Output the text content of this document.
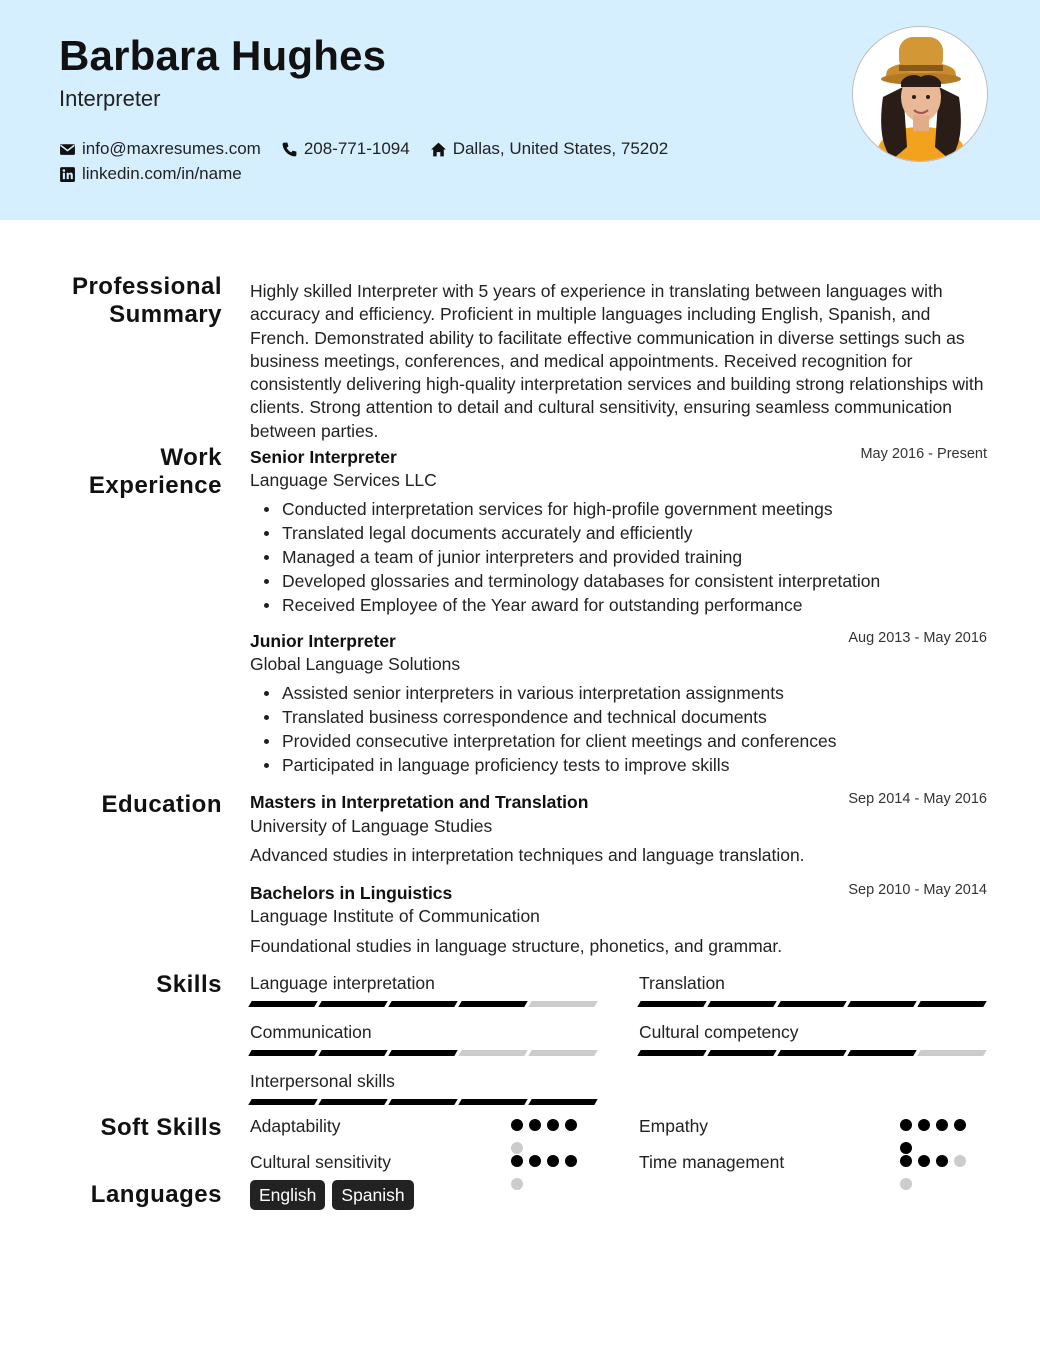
Barbara Hughes
Interpreter
info@maxresumes.com	208-771-1094	Dallas, United States, 75202
linkedin.com/in/name
Professional Summary
Highly skilled Interpreter with 5 years of experience in translating between languages with accuracy and efficiency. Proficient in multiple languages including English, Spanish, and French. Demonstrated ability to facilitate effective communication in diverse settings such as business meetings, conferences, and medical appointments. Received recognition for consistently delivering high-quality interpretation services and building strong relationships with clients. Strong attention to detail and cultural sensitivity, ensuring seamless communication between parties.
Work Experience
Senior Interpreter	May 2016 - Present
Language Services LLC
Conducted interpretation services for high-profile government meetings
Translated legal documents accurately and efficiently
Managed a team of junior interpreters and provided training
Developed glossaries and terminology databases for consistent interpretation
Received Employee of the Year award for outstanding performance
Junior Interpreter	Aug 2013 - May 2016
Global Language Solutions
Assisted senior interpreters in various interpretation assignments
Translated business correspondence and technical documents
Provided consecutive interpretation for client meetings and conferences
Participated in language proficiency tests to improve skills
Education Masters in Interpretation and Translation	Sep 2014 - May 2016
University of Language Studies
Advanced studies in interpretation techniques and language translation.
Bachelors in Linguistics	Sep 2010 - May 2014
Language Institute of Communication
Foundational studies in language structure, phonetics, and grammar.
Skills Language interpretation	Translation
Communication	Cultural competency
Interpersonal skills
Soft Skills Adaptability	Empathy
Cultural sensitivity	Time management
Languages	English	Spanish
